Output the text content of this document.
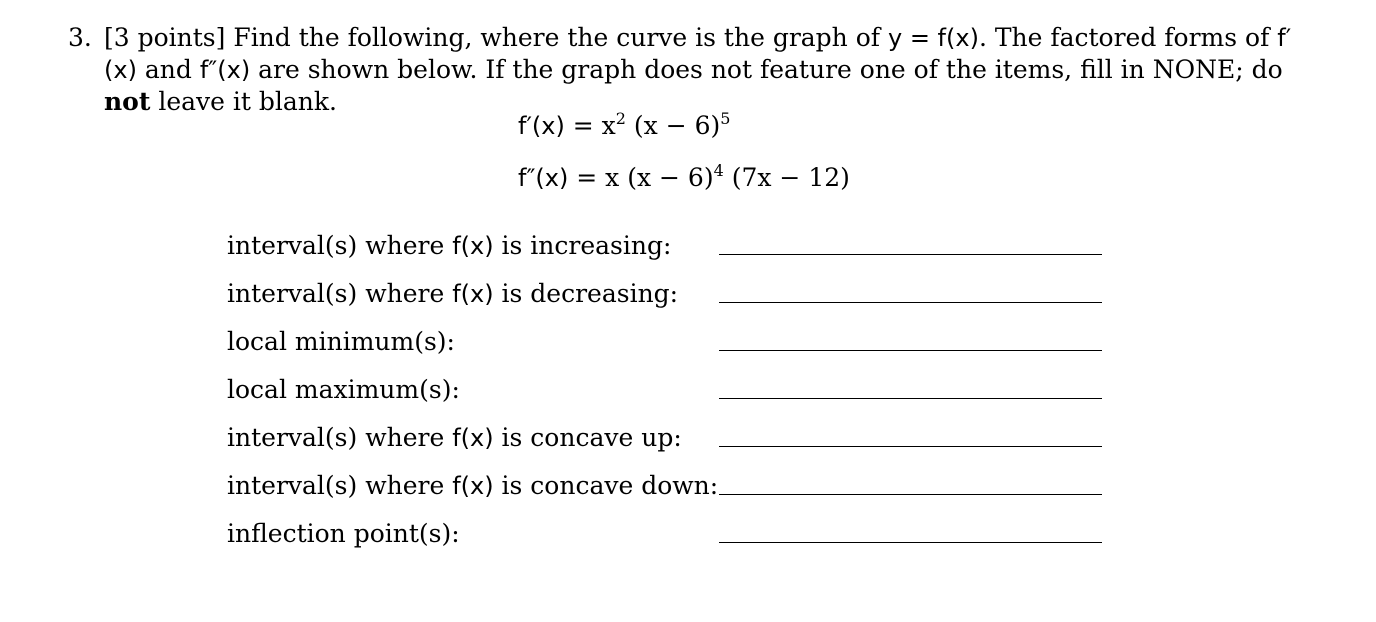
3. [3 points] Find the following, where the curve is the graph of y = f(x). The factored forms of f′(x) and f″(x) are shown below. If the graph does not feature one of the items, fill in NONE; do not leave it blank.
$f'(x) = x^2$ $(x - 6)^5$
f″(x) = x $(x - 6)^4$ (7x − 12)
interval(s) where f(x) is increasing:
interval(s) where f(x) is decreasing:
local minimum(s):
local maximum(s):
interval(s) where f(x) is concave up:
interval(s) where f(x) is concave down:
inflection point(s):
